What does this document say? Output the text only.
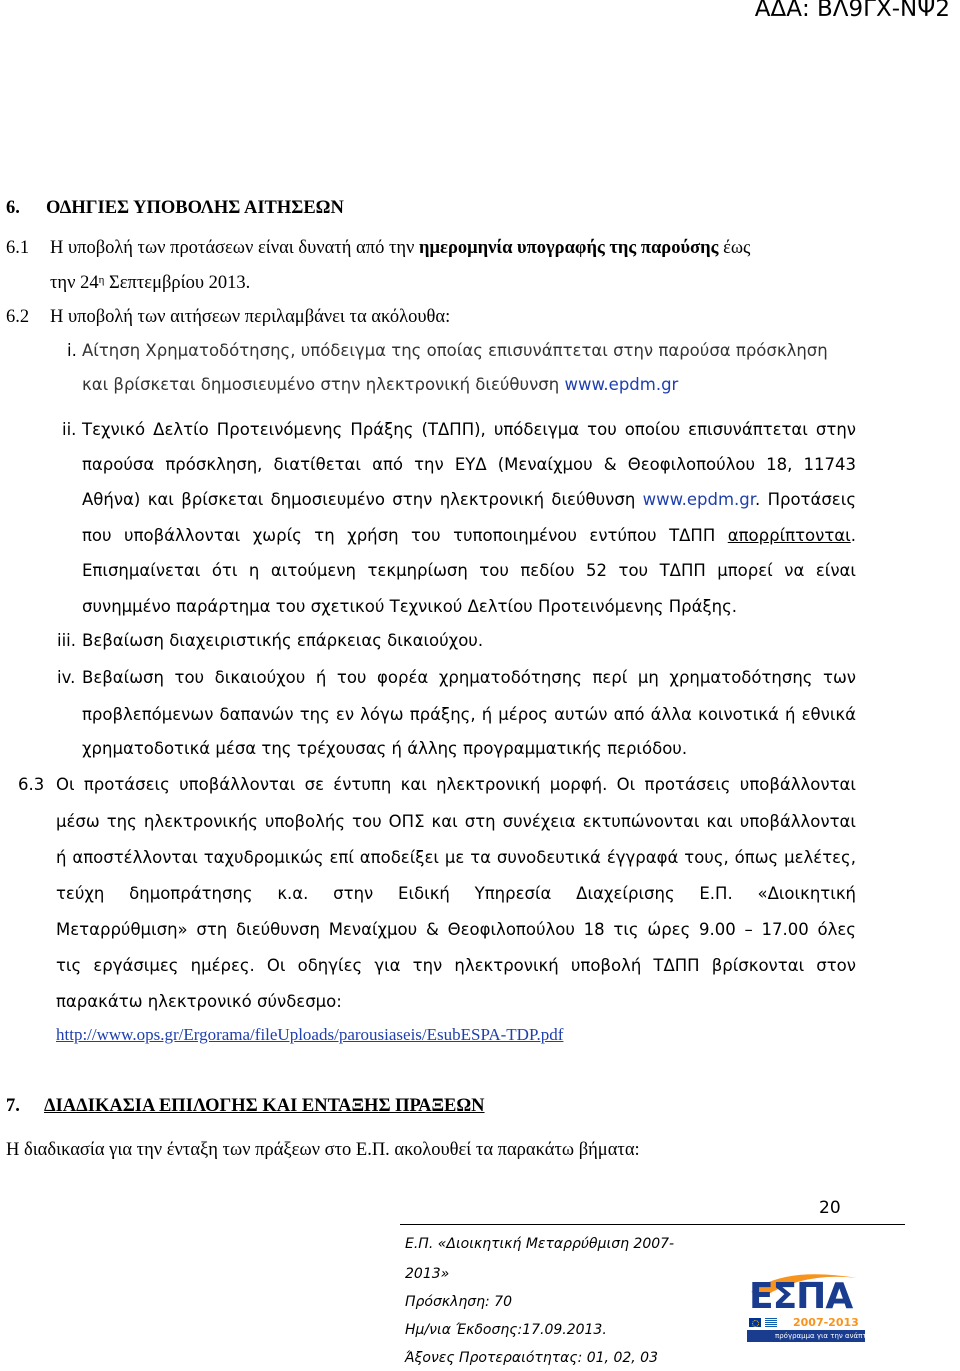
ΑΔΑ: ΒΛ9ΓΧ-ΝΨ2
6. ΟΔΗΓΙΕΣ ΥΠΟΒΟΛΗΣ ΑΙΤΗΣΕΩΝ
6.1 Η υποβολή των προτάσεων είναι δυνατή από την ημερομηνία υπογραφής της παρούσης έως
την $24^\eta$ Σεπτεμβρίου 2013.
6.2 Η υποβολή των αιτήσεων περιλαμβάνει τα ακόλουθα:
i. Αίτηση Χρηματοδότησης, υπόδειγμα της οποίας επισυνάπτεται στην παρούσα πρόσκληση
και βρίσκεται δημοσιευμένο στην ηλεκτρονική διεύθυνση www.epdm.gr
ii. Τεχνικό Δελτίο Προτεινόμενης Πράξης (ΤΔΠΠ), υπόδειγμα του οποίου επισυνάπτεται στην
παρούσα πρόσκληση, διατίθεται από την ΕΥΔ (Μεναίχμου & Θεοφιλοπούλου 18, 11743
Αθήνα) και βρίσκεται δημοσιευμένο στην ηλεκτρονική διεύθυνση www.epdm.gr. Προτάσεις
που υποβάλλονται χωρίς τη χρήση του τυποποιημένου εντύπου ΤΔΠΠ απορρίπτονται.
Επισημαίνεται ότι η αιτούμενη τεκμηρίωση του πεδίου 52 του ΤΔΠΠ μπορεί να είναι
συνημμένο παράρτημα του σχετικού Τεχνικού Δελτίου Προτεινόμενης Πράξης.
iii. Βεβαίωση διαχειριστικής επάρκειας δικαιούχου.
iv. Βεβαίωση του δικαιούχου ή του φορέα χρηματοδότησης περί μη χρηματοδότησης των
προβλεπόμενων δαπανών της εν λόγω πράξης, ή μέρος αυτών από άλλα κοινοτικά ή εθνικά
χρηματοδοτικά μέσα της τρέχουσας ή άλλης προγραμματικής περιόδου.
6.3 Οι προτάσεις υποβάλλονται σε έντυπη και ηλεκτρονική μορφή. Οι προτάσεις υποβάλλονται
μέσω της ηλεκτρονικής υποβολής του ΟΠΣ και στη συνέχεια εκτυπώνονται και υποβάλλονται
ή αποστέλλονται ταχυδρομικώς επί αποδείξει με τα συνοδευτικά έγγραφά τους, όπως μελέτες,
τεύχη δημοπράτησης κ.α. στην Ειδική Υπηρεσία Διαχείρισης Ε.Π. «Διοικητική
Μεταρρύθμιση» στη διεύθυνση Μεναίχμου & Θεοφιλοπούλου 18 τις ώρες 9.00 – 17.00 όλες
τις εργάσιμες ημέρες. Οι οδηγίες για την ηλεκτρονική υποβολή ΤΔΠΠ βρίσκονται στον
παρακάτω ηλεκτρονικό σύνδεσμο:
http://www.ops.gr/Ergorama/fileUploads/parousiaseis/EsubESPA-TDP.pdf
7. ΔΙΑΔΙΚΑΣΙΑ ΕΠΙΛΟΓΗΣ ΚΑΙ ΕΝΤΑΞΗΣ ΠΡΑΞΕΩΝ
Η διαδικασία για την ένταξη των πράξεων στο Ε.Π. ακολουθεί τα παρακάτω βήματα:
20
Ε.Π. «Διοικητική Μεταρρύθμιση 2007-
2013»
Πρόσκληση: 70
Ημ/νια Έκδοσης:17.09.2013.
Άξονες Προτεραιότητας: 01, 02, 03
ΕΣΠΑ
2007-2013
πρόγραμμα για την ανάπτυξη
